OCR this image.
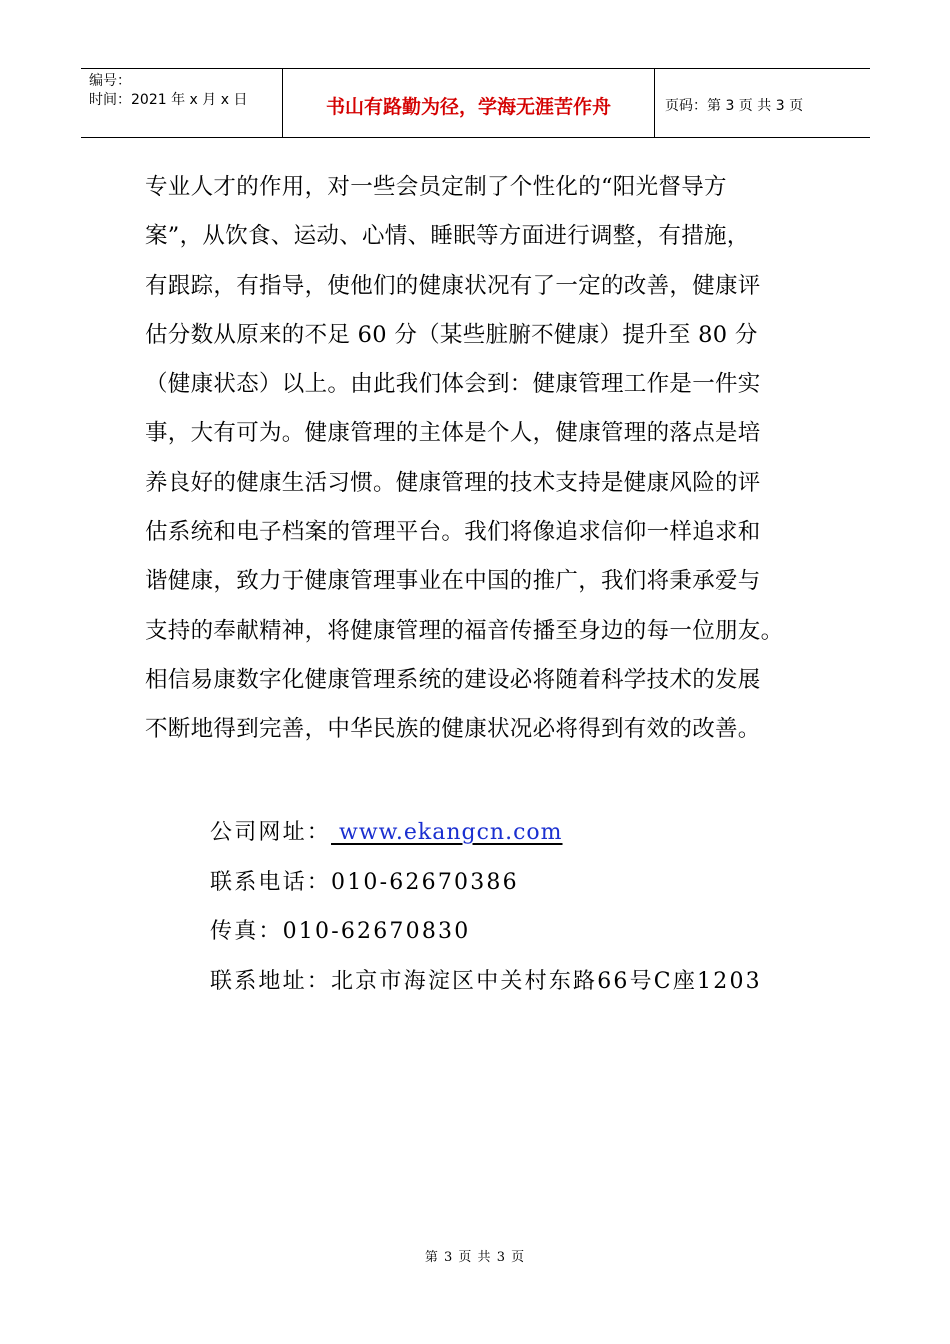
编号：
时间：2021 年 x 月 x 日	书山有路勤为径，学海无涯苦作舟	页码：第 3 页 共 3 页
专业人才的作用，对一些会员定制了个性化的“阳光督导方
案”，从饮食、运动、心情、睡眠等方面进行调整，有措施，
有跟踪，有指导，使他们的健康状况有了一定的改善，健康评
估分数从原来的不足 60 分（某些脏腑不健康）提升至 80 分
（健康状态）以上。由此我们体会到：健康管理工作是一件实
事，大有可为。健康管理的主体是个人，健康管理的落点是培
养良好的健康生活习惯。健康管理的技术支持是健康风险的评
估系统和电子档案的管理平台。我们将像追求信仰一样追求和
谐健康，致力于健康管理事业在中国的推广，我们将秉承爱与
支持的奉献精神，将健康管理的福音传播至身边的每一位朋友。
相信易康数字化健康管理系统的建设必将随着科学技术的发展
不断地得到完善，中华民族的健康状况必将得到有效的改善。
公司网址： www.ekangcn.com
联系电话：010-62670386
传真：010-62670830
联系地址：北京市海淀区中关村东路66号C座1203
第 3 页 共 3 页
